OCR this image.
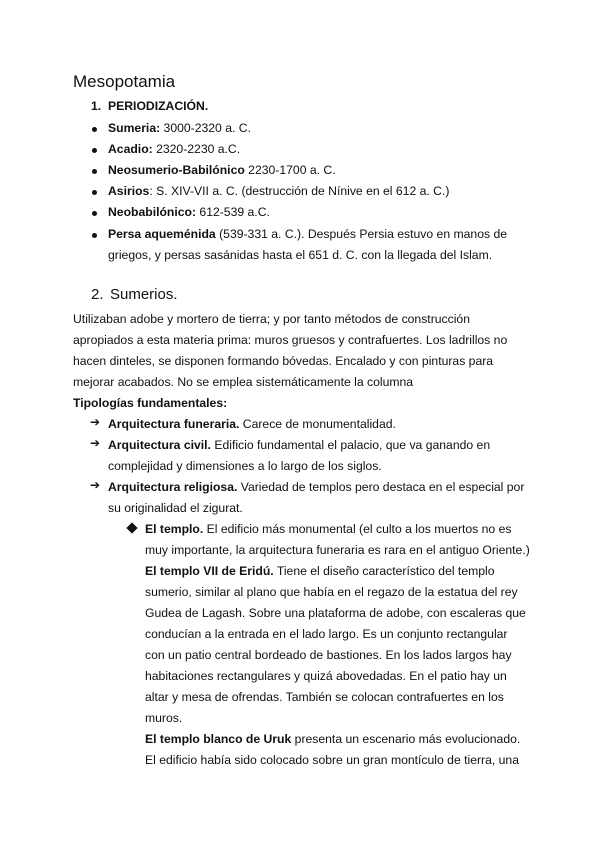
Mesopotamia
1. PERIODIZACIÓN.
Sumeria: 3000-2320 a. C.
Acadio: 2320-2230 a.C.
Neosumerio-Babilónico 2230-1700 a. C.
Asirios: S. XIV-VII a. C. (destrucción de Nínive en el 612 a. C.)
Neobabilónico: 612-539 a.C.
Persa aqueménida (539-331 a. C.). Después Persia estuvo en manos de
griegos, y persas sasánidas hasta el 651 d. C. con la llegada del Islam.
2. Sumerios.
Utilizaban adobe y mortero de tierra; y por tanto métodos de construcción
apropiados a esta materia prima: muros gruesos y contrafuertes. Los ladrillos no
hacen dinteles, se disponen formando bóvedas. Encalado y con pinturas para
mejorar acabados. No se emplea sistemáticamente la columna
Tipologías fundamentales:
➔ Arquitectura funeraria. Carece de monumentalidad.
➔ Arquitectura civil. Edificio fundamental el palacio, que va ganando en
complejidad y dimensiones a lo largo de los siglos.
➔ Arquitectura religiosa. Variedad de templos pero destaca en el especial por
su originalidad el zigurat.
El templo. El edificio más monumental (el culto a los muertos no es
muy importante, la arquitectura funeraria es rara en el antiguo Oriente.)
El templo VII de Eridú. Tiene el diseño característico del templo
sumerio, similar al plano que había en el regazo de la estatua del rey
Gudea de Lagash. Sobre una plataforma de adobe, con escaleras que
conducían a la entrada en el lado largo. Es un conjunto rectangular
con un patio central bordeado de bastiones. En los lados largos hay
habitaciones rectangulares y quizá abovedadas. En el patio hay un
altar y mesa de ofrendas. También se colocan contrafuertes en los
muros.
El templo blanco de Uruk presenta un escenario más evolucionado.
El edificio había sido colocado sobre un gran montículo de tierra, una
